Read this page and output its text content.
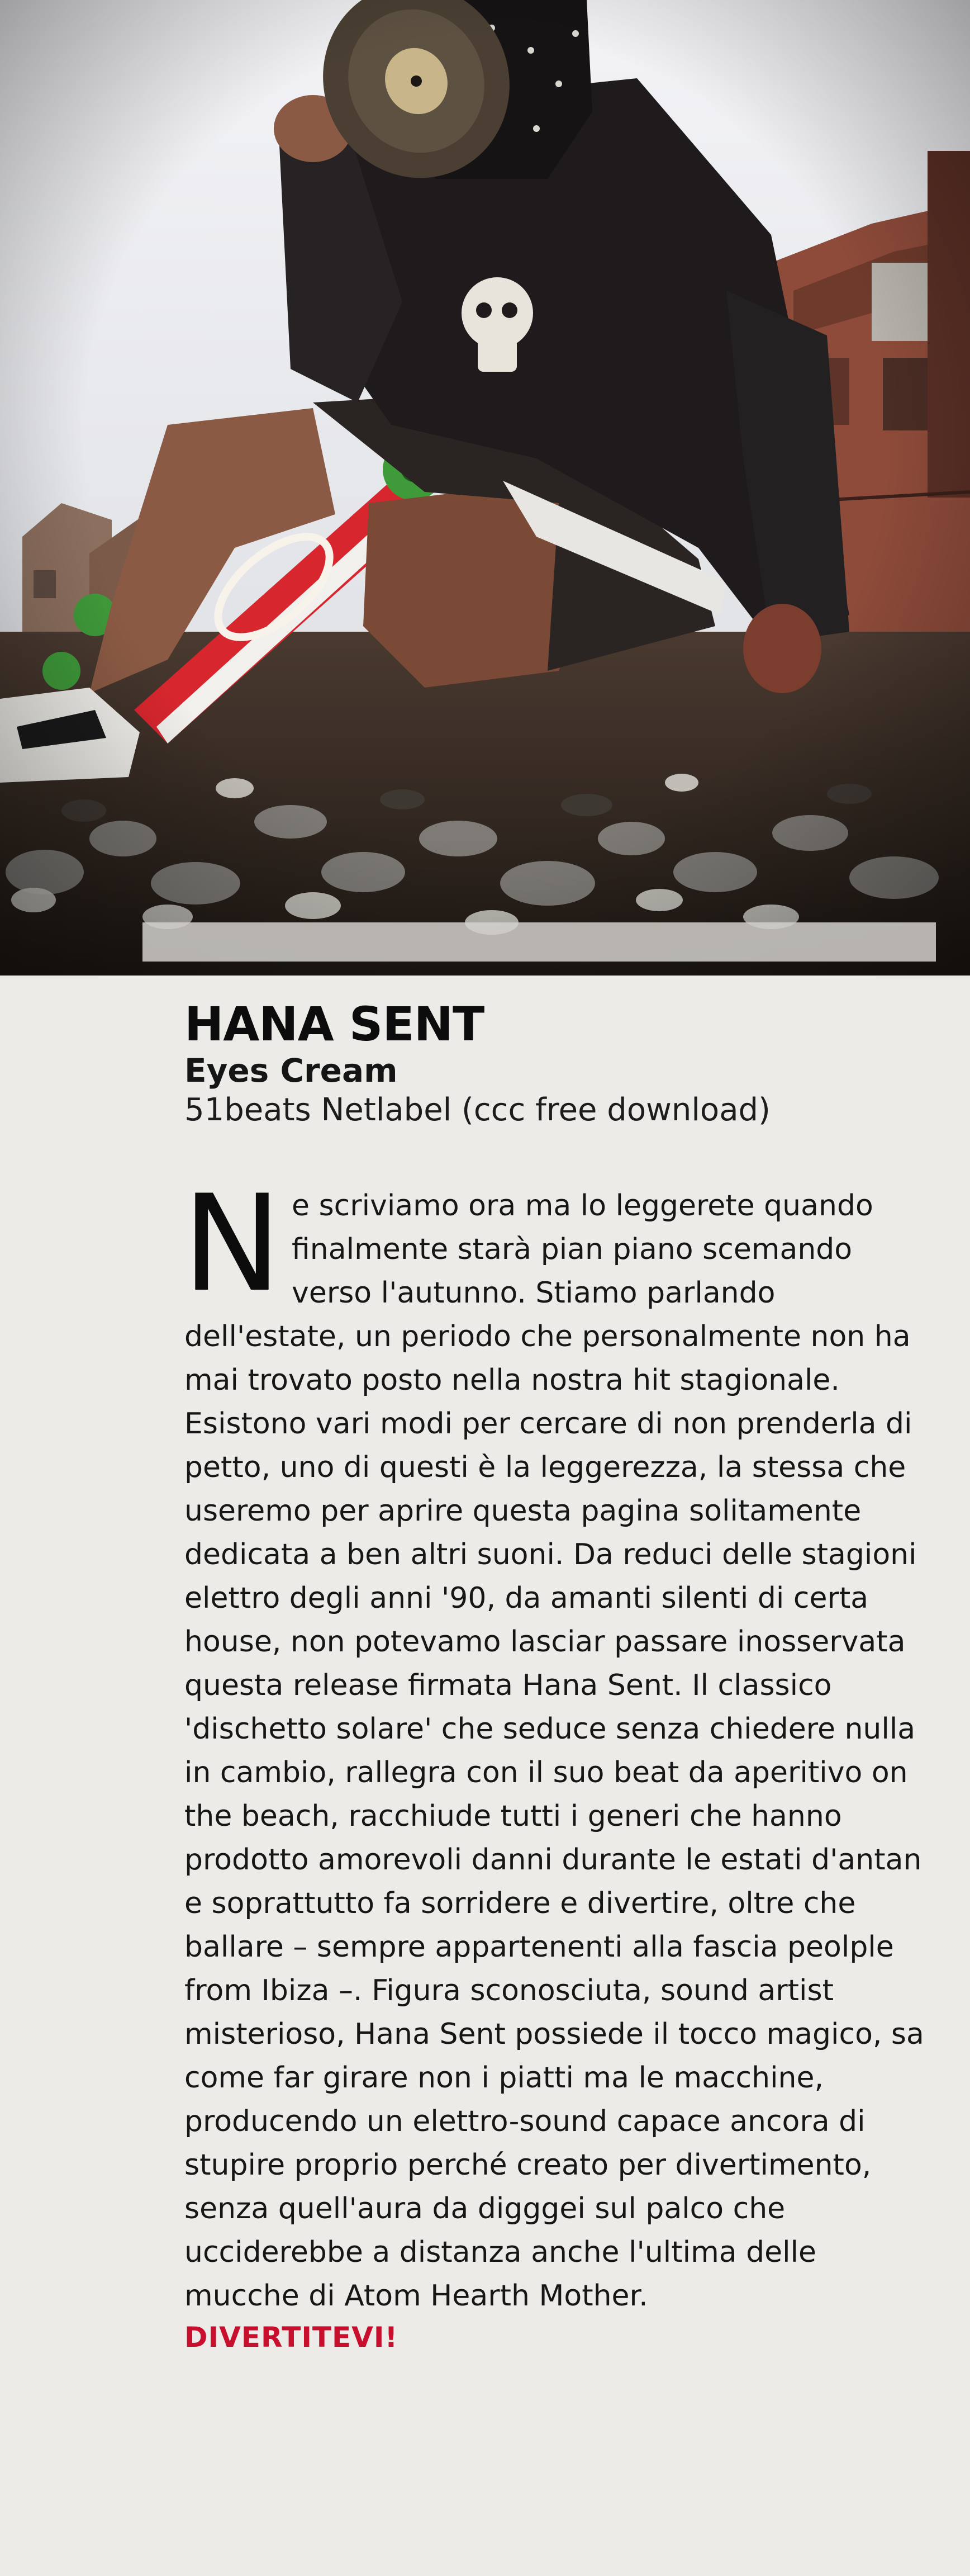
HANA SENT
Eyes Cream
51beats Netlabel (ccc free download)
Ne scriviamo ora ma lo leggerete quando finalmente starà pian piano scemando verso l'autunno. Stiamo parlando dell'estate, un periodo che personalmente non ha mai trovato posto nella nostra hit stagionale. Esistono vari modi per cercare di non prenderla di petto, uno di questi è la leggerezza, la stessa che useremo per aprire questa pagina solitamente dedicata a ben altri suoni. Da reduci delle stagioni elettro degli anni '90, da amanti silenti di certa house, non potevamo lasciar passare inosservata questa release firmata Hana Sent. Il classico 'dischetto solare' che seduce senza chiedere nulla in cambio, rallegra con il suo beat da aperitivo on the beach, racchiude tutti i generi che hanno prodotto amorevoli danni durante le estati d'antan e soprattutto fa sorridere e divertire, oltre che ballare – sempre appartenenti alla fascia peolple from Ibiza –. Figura sconosciuta, sound artist misterioso, Hana Sent possiede il tocco magico, sa come far girare non i piatti ma le macchine, producendo un elettro-sound capace ancora di stupire proprio perché creato per divertimento, senza quell'aura da digggei sul palco che ucciderebbe a distanza anche l'ultima delle mucche di Atom Hearth Mother.
DIVERTITEVI!
